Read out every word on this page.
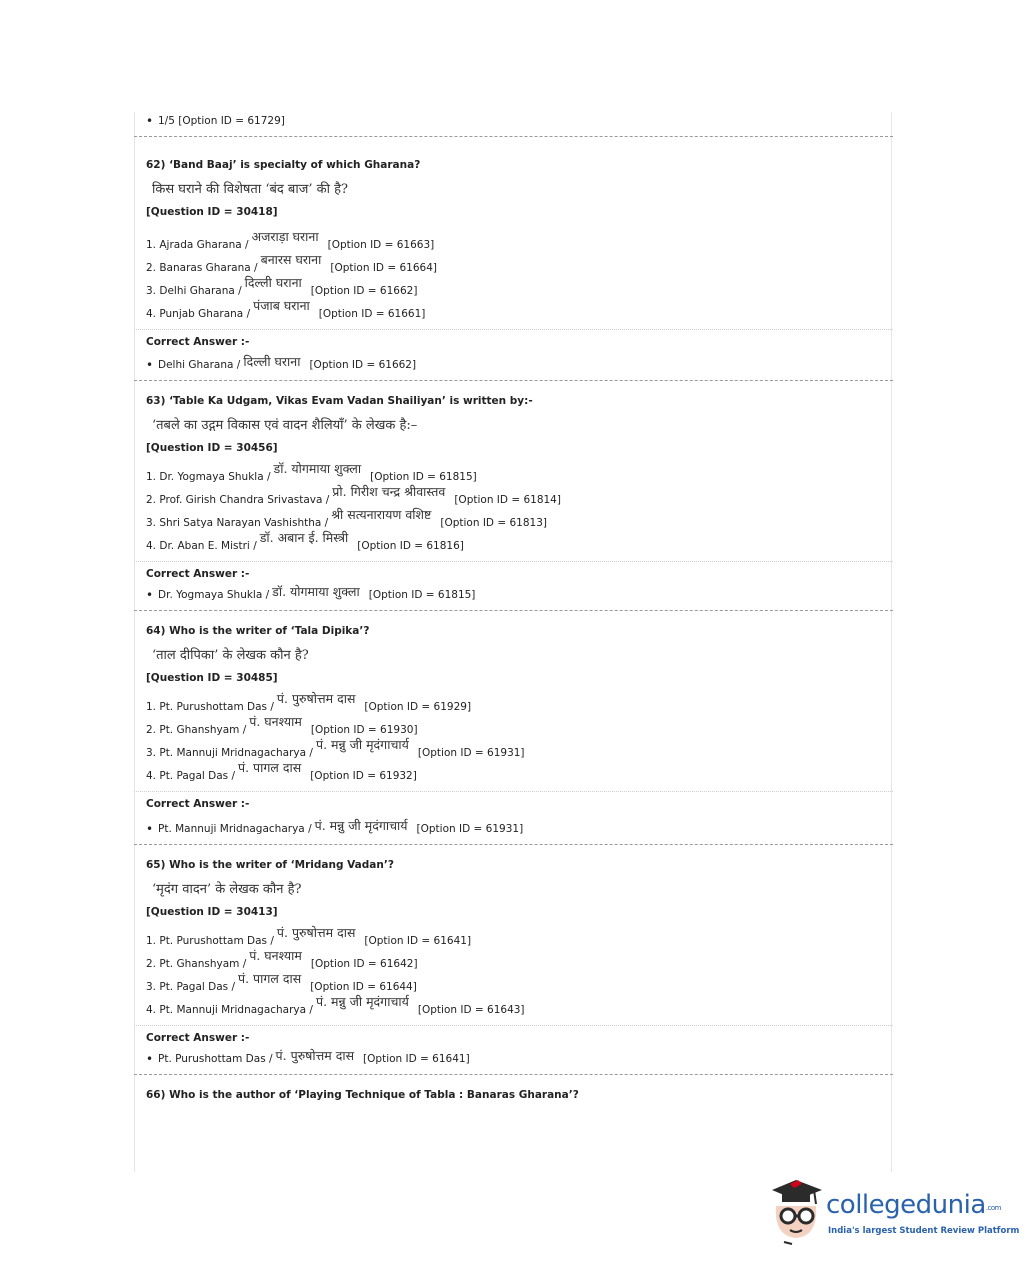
• 1/5 [Option ID = 61729]
62) ‘Band Baaj’ is specialty of which Gharana?
किस घराने की विशेषता ‘बंद बाज’ की है?
[Question ID = 30418]
1. Ajrada Gharana /
अजराड़ा घराना
[Option ID = 61663]
2. Banaras Gharana /
बनारस घराना
[Option ID = 61664]
3. Delhi Gharana /
दिल्ली घराना
[Option ID = 61662]
4. Punjab Gharana /
पंजाब घराना
[Option ID = 61661]
Correct Answer :-
• Delhi Gharana / दिल्ली घराना [Option ID = 61662]
63) ‘Table Ka Udgam, Vikas Evam Vadan Shailiyan’ is written by:-
‘तबले का उद्गम विकास एवं वादन शैलियाँ’ के लेखक है:–
[Question ID = 30456]
1. Dr. Yogmaya Shukla /
डॉ. योगमाया शुक्ला
[Option ID = 61815]
2. Prof. Girish Chandra Srivastava /
प्रो. गिरीश चन्द्र श्रीवास्तव
[Option ID = 61814]
3. Shri Satya Narayan Vashishtha /
श्री सत्यनारायण वशिष्ट
[Option ID = 61813]
4. Dr. Aban E. Mistri /
डॉ. अबान ई. मिस्त्री
[Option ID = 61816]
Correct Answer :-
• Dr. Yogmaya Shukla / डॉ. योगमाया शुक्ला [Option ID = 61815]
64) Who is the writer of ‘Tala Dipika’?
‘ताल दीपिका’ के लेखक कौन है?
[Question ID = 30485]
1. Pt. Purushottam Das /
पं. पुरुषोत्तम दास
[Option ID = 61929]
2. Pt. Ghanshyam /
पं. घनश्याम
[Option ID = 61930]
3. Pt. Mannuji Mridnagacharya /
पं. मन्नु जी मृदंगाचार्य
[Option ID = 61931]
4. Pt. Pagal Das /
पं. पागल दास
[Option ID = 61932]
Correct Answer :-
• Pt. Mannuji Mridnagacharya / पं. मन्नु जी मृदंगाचार्य [Option ID = 61931]
65) Who is the writer of ‘Mridang Vadan’?
‘मृदंग वादन’ के लेखक कौन है?
[Question ID = 30413]
1. Pt. Purushottam Das /
पं. पुरुषोत्तम दास
[Option ID = 61641]
2. Pt. Ghanshyam /
पं. घनश्याम
[Option ID = 61642]
3. Pt. Pagal Das /
पं. पागल दास
[Option ID = 61644]
4. Pt. Mannuji Mridnagacharya /
पं. मन्नु जी मृदंगाचार्य
[Option ID = 61643]
Correct Answer :-
• Pt. Purushottam Das / पं. पुरुषोत्तम दास [Option ID = 61641]
66) Who is the author of ‘Playing Technique of Tabla : Banaras Gharana’?
collegedunia.com
India's largest Student Review Platform
